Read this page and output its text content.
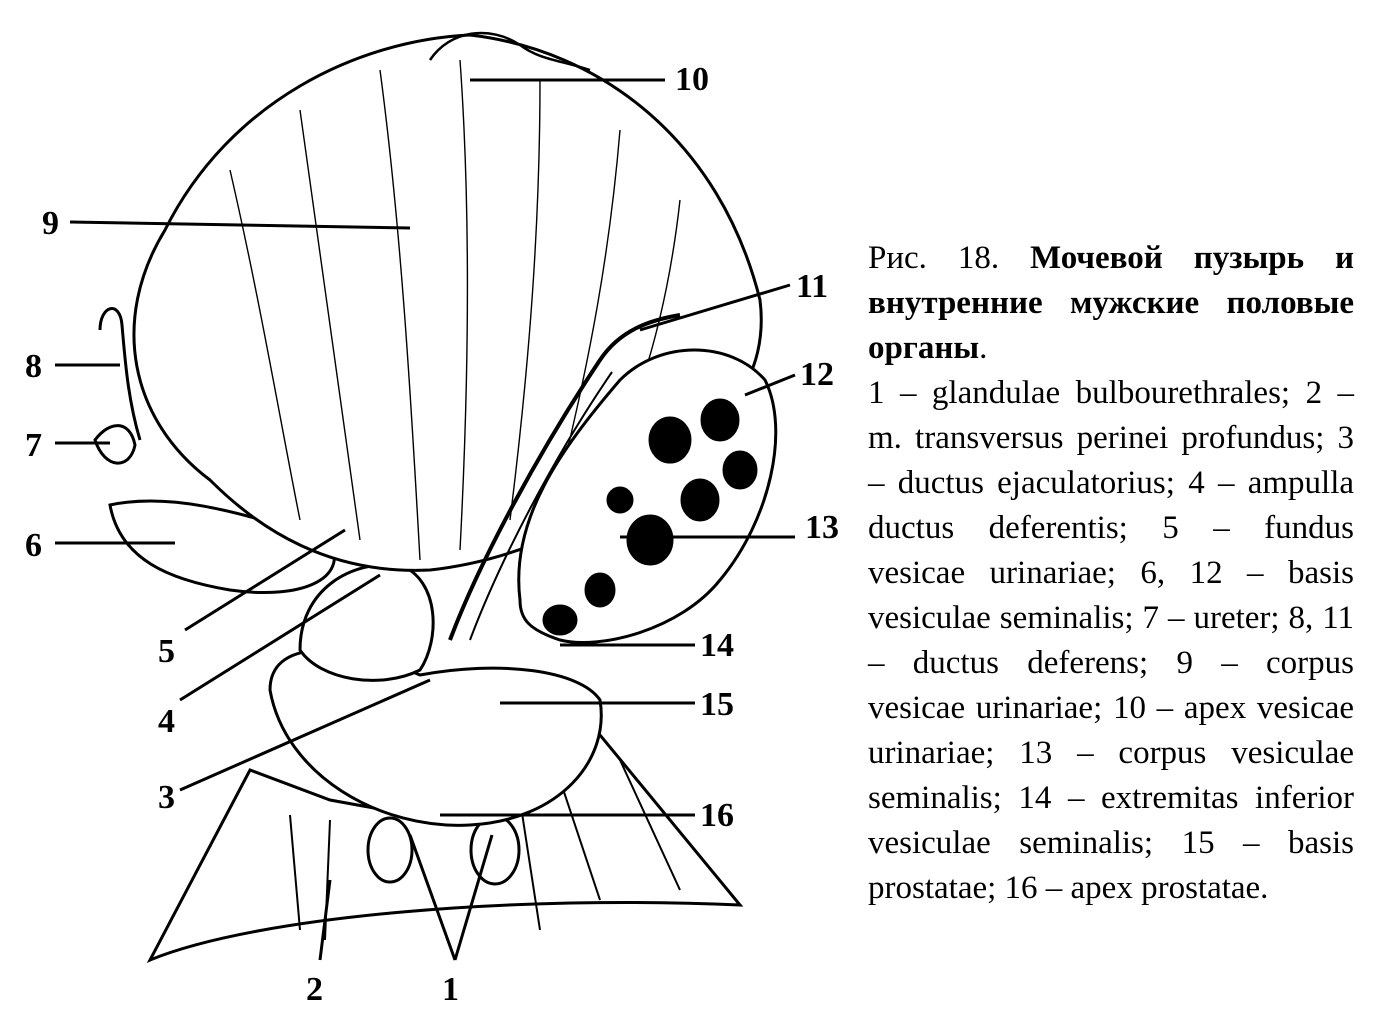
1
2
3
4
5
6
7
8
9
10
11
12
13
14
15
16

Рис. 18. Мочевой пузырь и внутренние мужские половые органы.

1 – glandulae bulbourethrales; 2 – m. transversus perinei profundus; 3 – ductus ejaculatorius; 4 – ampulla ductus deferentis; 5 – fundus vesicae urinariae; 6, 12 – basis vesiculae seminalis; 7 – ureter; 8, 11 – ductus deferens; 9 – corpus vesicae urinariae; 10 – apex vesicae urinariae; 13 – corpus vesiculae seminalis; 14 – extremitas inferior vesiculae seminalis; 15 – basis prostatae; 16 – apex prostatae.
